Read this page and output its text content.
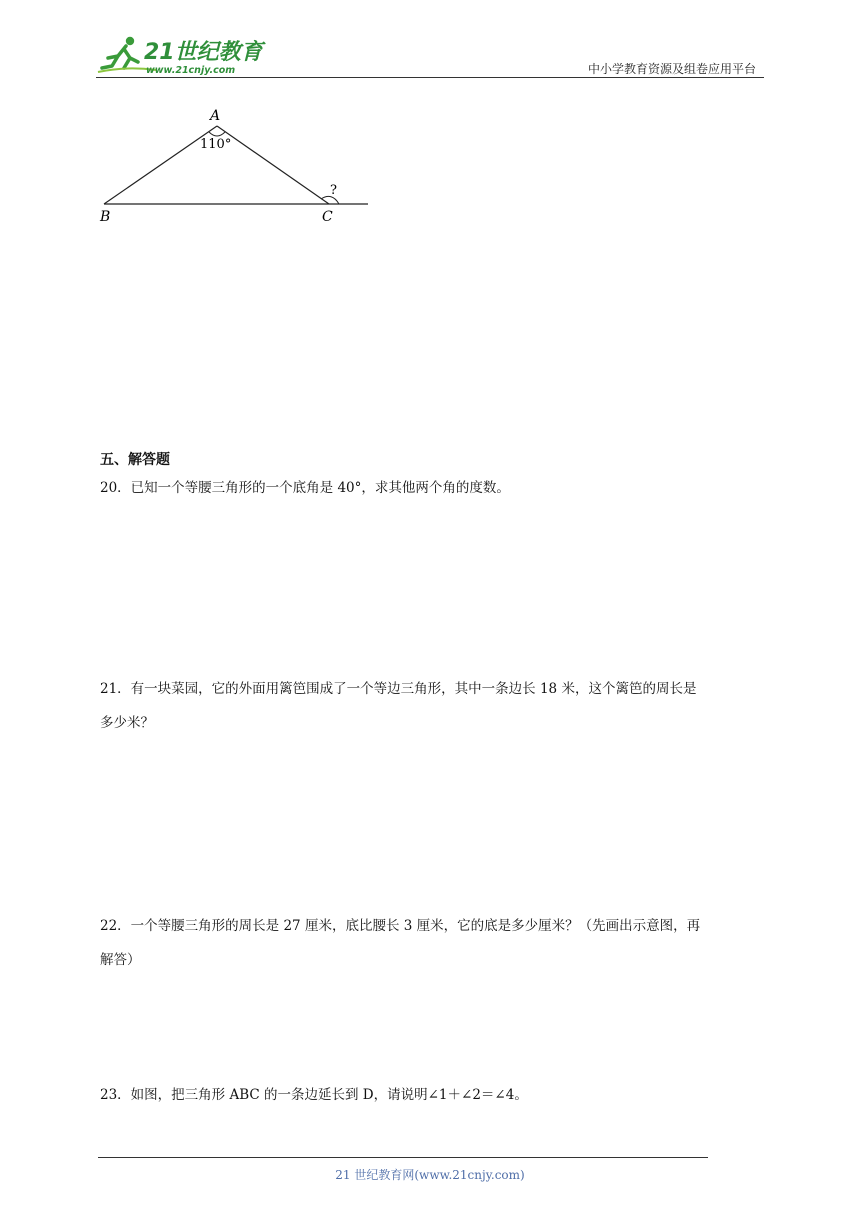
21世纪教育
www.21cnjy.com	中小学教育资源及组卷应用平台
A
B	C
110°
?
五、解答题
20．已知一个等腰三角形的一个底角是 40°，求其他两个角的度数。
21．有一块菜园，它的外面用篱笆围成了一个等边三角形，其中一条边长 18 米，这个篱笆的周长是
多少米？
22．一个等腰三角形的周长是 27 厘米，底比腰长 3 厘米，它的底是多少厘米？（先画出示意图，再
解答）
23．如图，把三角形 ABC 的一条边延长到 D，请说明∠1＋∠2＝∠4。
21 世纪教育网(www.21cnjy.com)
